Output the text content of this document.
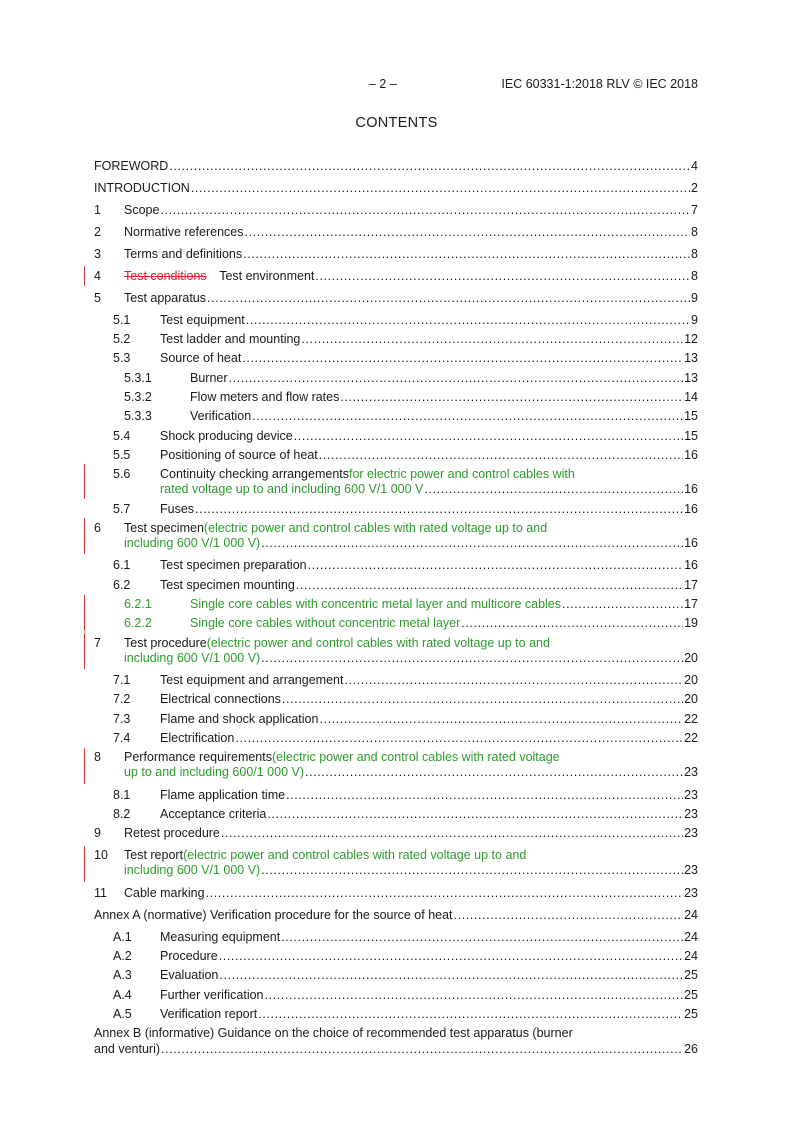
– 2 –	IEC 60331-1:2018 RLV © IEC 2018
CONTENTS
FOREWORD .....	4
INTRODUCTION .....	2
1 Scope .....	7
2 Normative references .....	8
3 Terms and definitions .....	8
4 Test conditions  Test environment .....	8
5 Test apparatus .....	9
5.1 Test equipment .....	9
5.2 Test ladder and mounting .....	12
5.3 Source of heat .....	13
5.3.1	Burner .....	13
5.3.2	Flow meters and flow rates .....	14
5.3.3	Verification .....	15
5.4 Shock producing device .....	15
5.5 Positioning of source of heat .....	16
5.6 Continuity checking arrangements for electric power and control cables with
rated voltage up to and including 600 V/1 000 V .....	16
5.7 Fuses .....	16
6 Test specimen (electric power and control cables with rated voltage up to and
including 600 V/1 000 V) .....	16
6.1 Test specimen preparation .....	16
6.2 Test specimen mounting .....	17
6.2.1	Single core cables with concentric metal layer and multicore cables .....	17
6.2.2	Single core cables without concentric metal layer .....	19
7 Test procedure (electric power and control cables with rated voltage up to and
including 600 V/1 000 V) .....	20
7.1 Test equipment and arrangement .....	20
7.2 Electrical connections .....	20
7.3 Flame and shock application .....	22
7.4 Electrification .....	22
8 Performance requirements (electric power and control cables with rated voltage
up to and including 600/1 000 V) .....	23
8.1 Flame application time .....	23
8.2 Acceptance criteria .....	23
9 Retest procedure .....	23
10 Test report (electric power and control cables with rated voltage up to and
including 600 V/1 000 V) .....	23
11 Cable marking .....	23
Annex A (normative) Verification procedure for the source of heat .....	24
A.1 Measuring equipment .....	24
A.2 Procedure .....	24
A.3 Evaluation .....	25
A.4 Further verification .....	25
A.5 Verification report .....	25
Annex B (informative) Guidance on the choice of recommended test apparatus (burner
and venturi) .....	26
